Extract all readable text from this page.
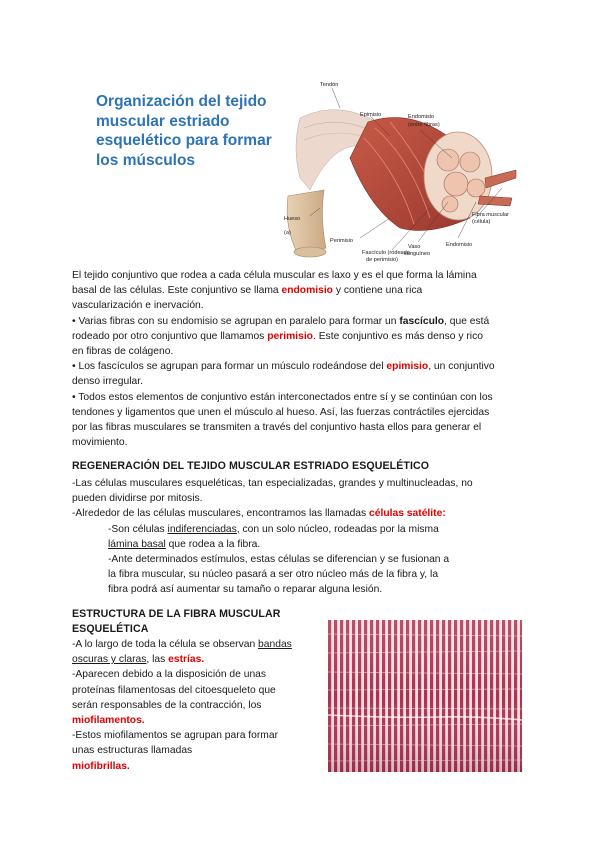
Organización del tejido muscular estriado esquelético para formar los músculos
Tendón
Epimisio	Endomisio
(entre fibras)
Hueso
Perimisio
Fascículo (rodeado
de perimisio)
Vaso
sanguíneo
Endomisio
Fibra muscular
(célula)
(a)
El tejido conjuntivo que rodea a cada célula muscular es laxo y es el que forma la lámina
basal de las células. Este conjuntivo se llama endomisio y contiene una rica
vascularización e inervación.
• Varias fibras con su endomisio se agrupan en paralelo para formar un fascículo, que está
rodeado por otro conjuntivo que llamamos perimisio. Este conjuntivo es más denso y rico
en fibras de colágeno.
• Los fascículos se agrupan para formar un músculo rodeándose del epimisio, un conjuntivo
denso irregular.
• Todos estos elementos de conjuntivo están interconectados entre sí y se continúan con los
tendones y ligamentos que unen el músculo al hueso. Así, las fuerzas contráctiles ejercidas
por las fibras musculares se transmiten a través del conjuntivo hasta ellos para generar el
movimiento.
REGENERACIÓN DEL TEJIDO MUSCULAR ESTRIADO ESQUELÉTICO
-Las células musculares esqueléticas, tan especializadas, grandes y multinucleadas, no
pueden dividirse por mitosis.
-Alrededor de las células musculares, encontramos las llamadas células satélite:
-Son células indiferenciadas, con un solo núcleo, rodeadas por la misma
lámina basal que rodea a la fibra.
-Ante determinados estímulos, estas células se diferencian y se fusionan a
la fibra muscular, su núcleo pasará a ser otro núcleo más de la fibra y, la
fibra podrá así aumentar su tamaño o reparar alguna lesión.
ESTRUCTURA DE LA FIBRA MUSCULAR
ESQUELÉTICA
-A lo largo de toda la célula se observan bandas
oscuras y claras, las estrías.
-Aparecen debido a la disposición de unas
proteínas filamentosas del citoesqueleto que
serán responsables de la contracción, los
miofilamentos.
-Estos miofilamentos se agrupan para formar
unas estructuras llamadas
miofibrillas.
